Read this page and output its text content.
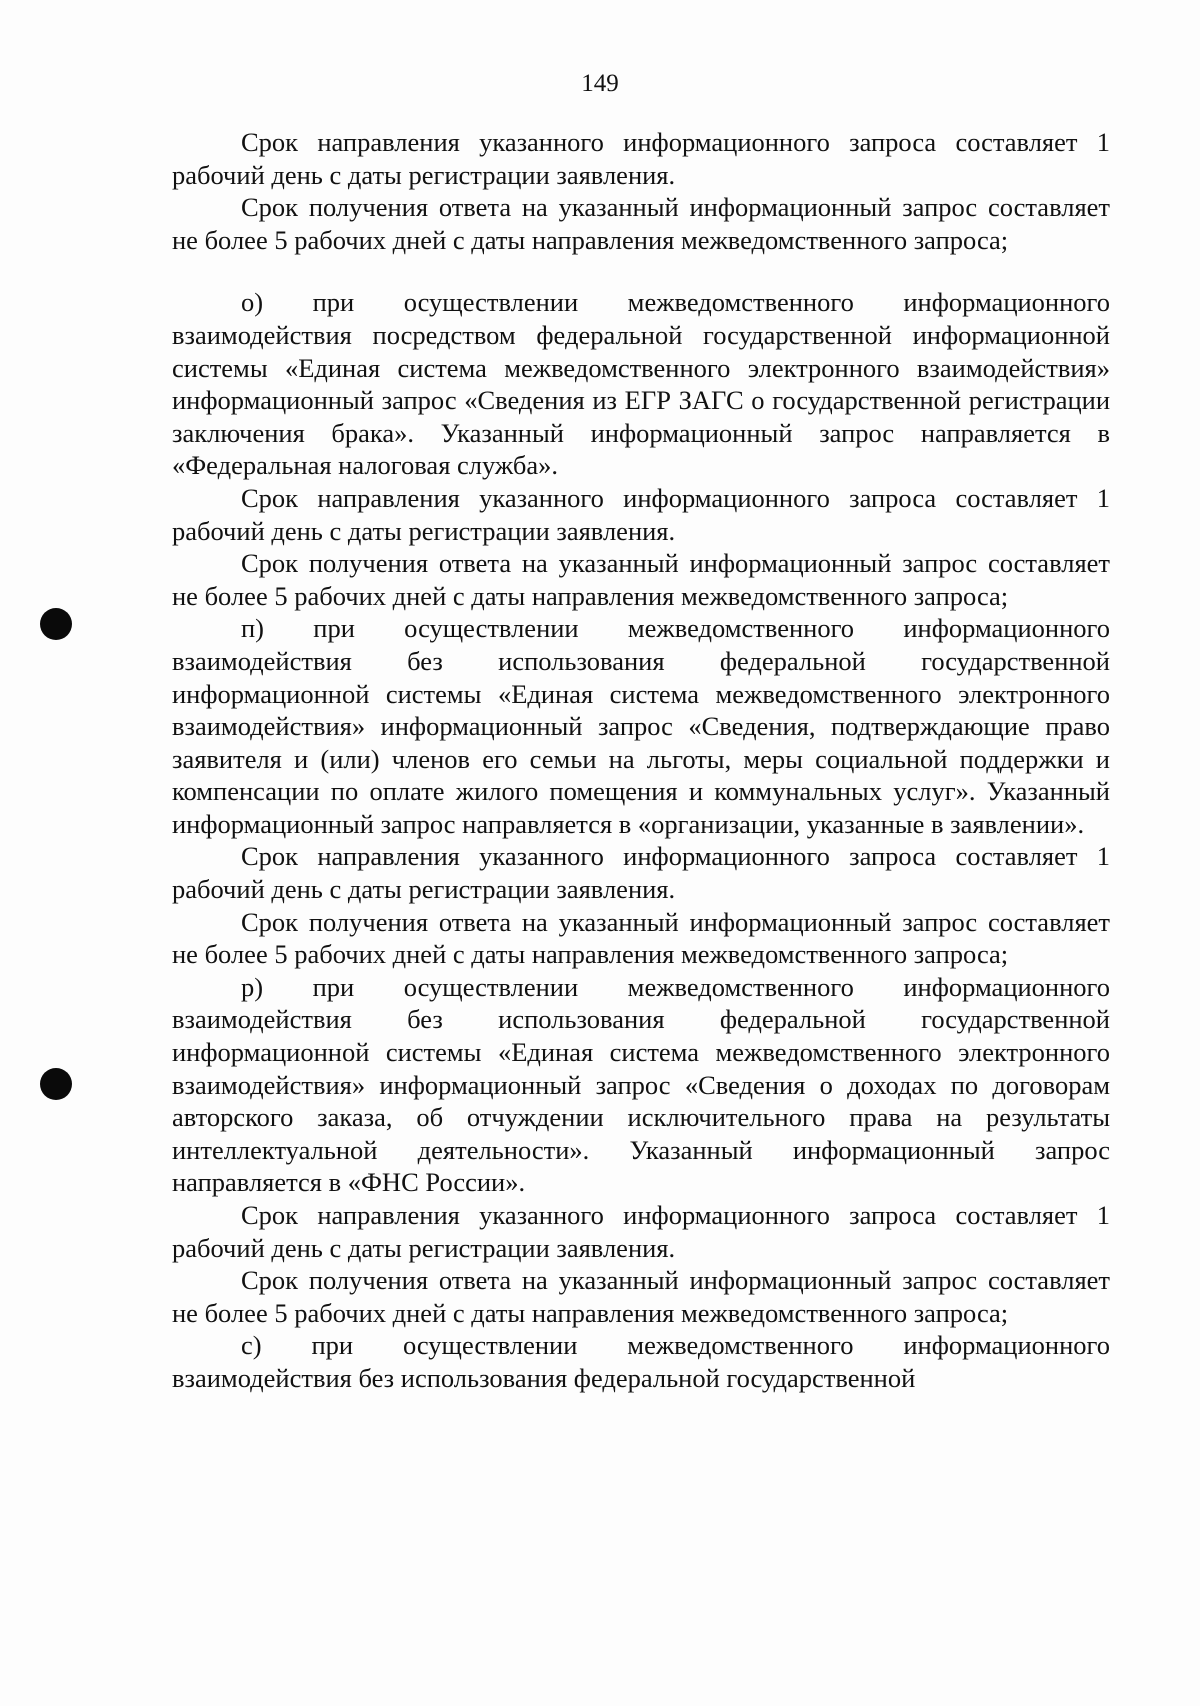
149

Срок направления указанного информационного запроса составляет 1 рабочий день с даты регистрации заявления.

Срок получения ответа на указанный информационный запрос составляет не более 5 рабочих дней с даты направления межведомственного запроса;

о) при осуществлении межведомственного информационного взаимодействия посредством федеральной государственной информационной системы «Единая система межведомственного электронного взаимодействия» информационный запрос «Сведения из ЕГР ЗАГС о государственной регистрации заключения брака». Указанный информационный запрос направляется в «Федеральная налоговая служба».

Срок направления указанного информационного запроса составляет 1 рабочий день с даты регистрации заявления.

Срок получения ответа на указанный информационный запрос составляет не более 5 рабочих дней с даты направления межведомственного запроса;

п) при осуществлении межведомственного информационного взаимодействия без использования федеральной государственной информационной системы «Единая система межведомственного электронного взаимодействия» информационный запрос «Сведения, подтверждающие право заявителя и (или) членов его семьи на льготы, меры социальной поддержки и компенсации по оплате жилого помещения и коммунальных услуг». Указанный информационный запрос направляется в «организации, указанные в заявлении».

Срок направления указанного информационного запроса составляет 1 рабочий день с даты регистрации заявления.

Срок получения ответа на указанный информационный запрос составляет не более 5 рабочих дней с даты направления межведомственного запроса;

р) при осуществлении межведомственного информационного взаимодействия без использования федеральной государственной информационной системы «Единая система межведомственного электронного взаимодействия» информационный запрос «Сведения о доходах по договорам авторского заказа, об отчуждении исключительного права на результаты интеллектуальной деятельности». Указанный информационный запрос направляется в «ФНС России».

Срок направления указанного информационного запроса составляет 1 рабочий день с даты регистрации заявления.

Срок получения ответа на указанный информационный запрос составляет не более 5 рабочих дней с даты направления межведомственного запроса;

с) при осуществлении межведомственного информационного взаимодействия без использования федеральной государственной
